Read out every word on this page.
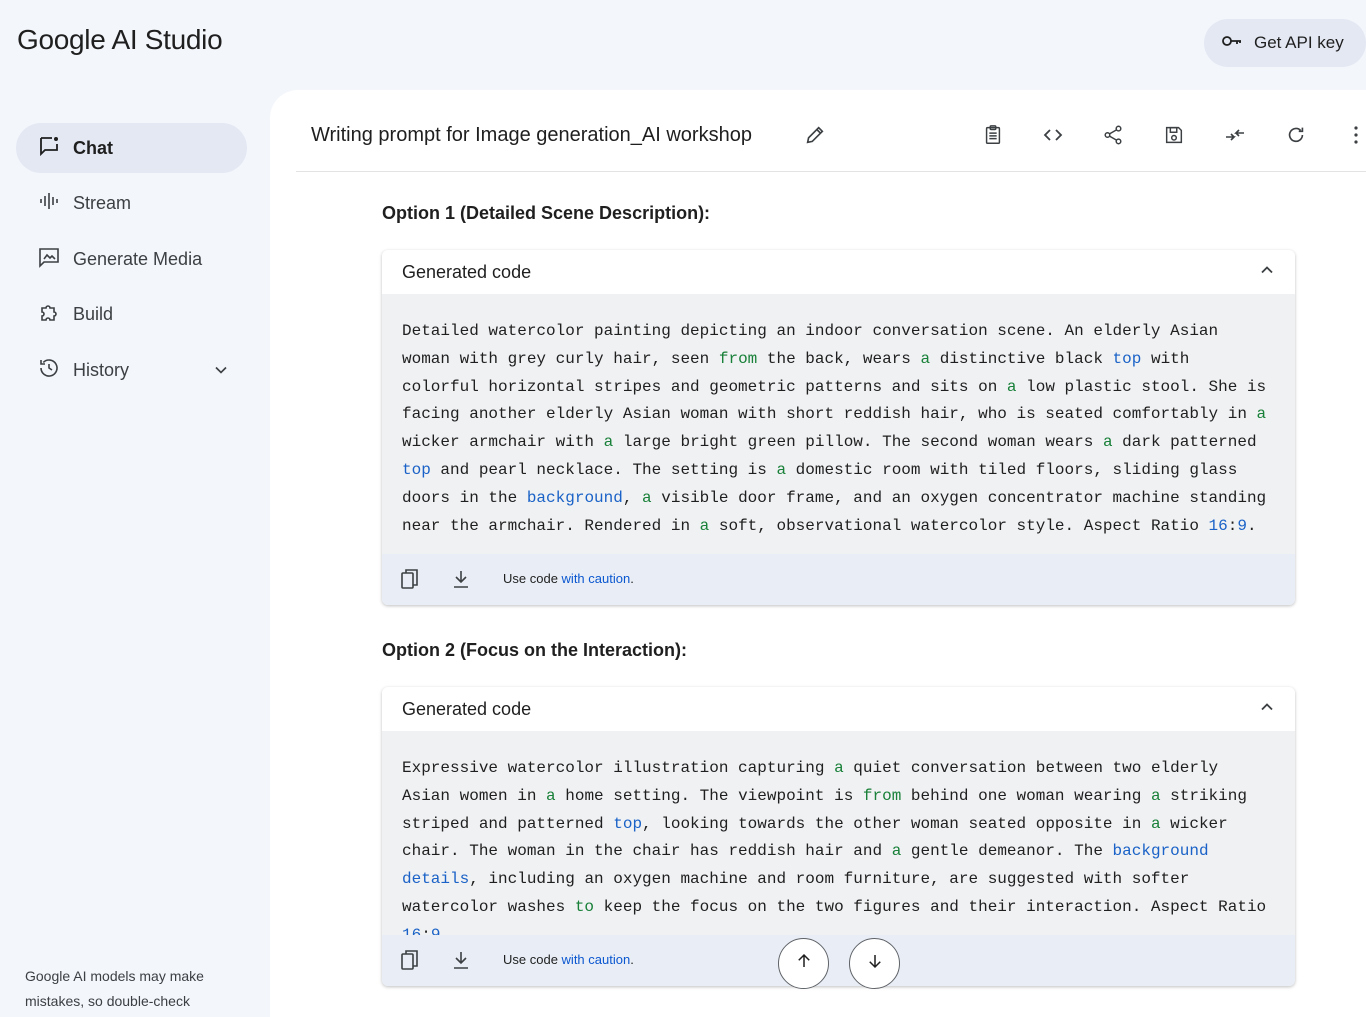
Google AI Studio	Get API key
Chat
Stream
Generate Media
Build
History
Google AI models may make mistakes, so double-check
Writing prompt for Image generation_AI workshop
Option 1 (Detailed Scene Description):
Generated code
Detailed watercolor painting depicting an indoor conversation scene. An elderly Asian woman with grey curly hair, seen from the back, wears a distinctive black top with colorful horizontal stripes and geometric patterns and sits on a low plastic stool. She is facing another elderly Asian woman with short reddish hair, who is seated comfortably in a wicker armchair with a large bright green pillow. The second woman wears a dark patterned top and pearl necklace. The setting is a domestic room with tiled floors, sliding glass doors in the background, a visible door frame, and an oxygen concentrator machine standing near the armchair. Rendered in a soft, observational watercolor style. Aspect Ratio 16:9.
Use code with caution.
Option 2 (Focus on the Interaction):
Generated code
Expressive watercolor illustration capturing a quiet conversation between two elderly Asian women in a home setting. The viewpoint is from behind one woman wearing a striking striped and patterned top, looking towards the other woman seated opposite in a wicker chair. The woman in the chair has reddish hair and a gentle demeanor. The background details, including an oxygen machine and room furniture, are suggested with softer watercolor washes to keep the focus on the two figures and their interaction. Aspect Ratio
Use code with caution.
